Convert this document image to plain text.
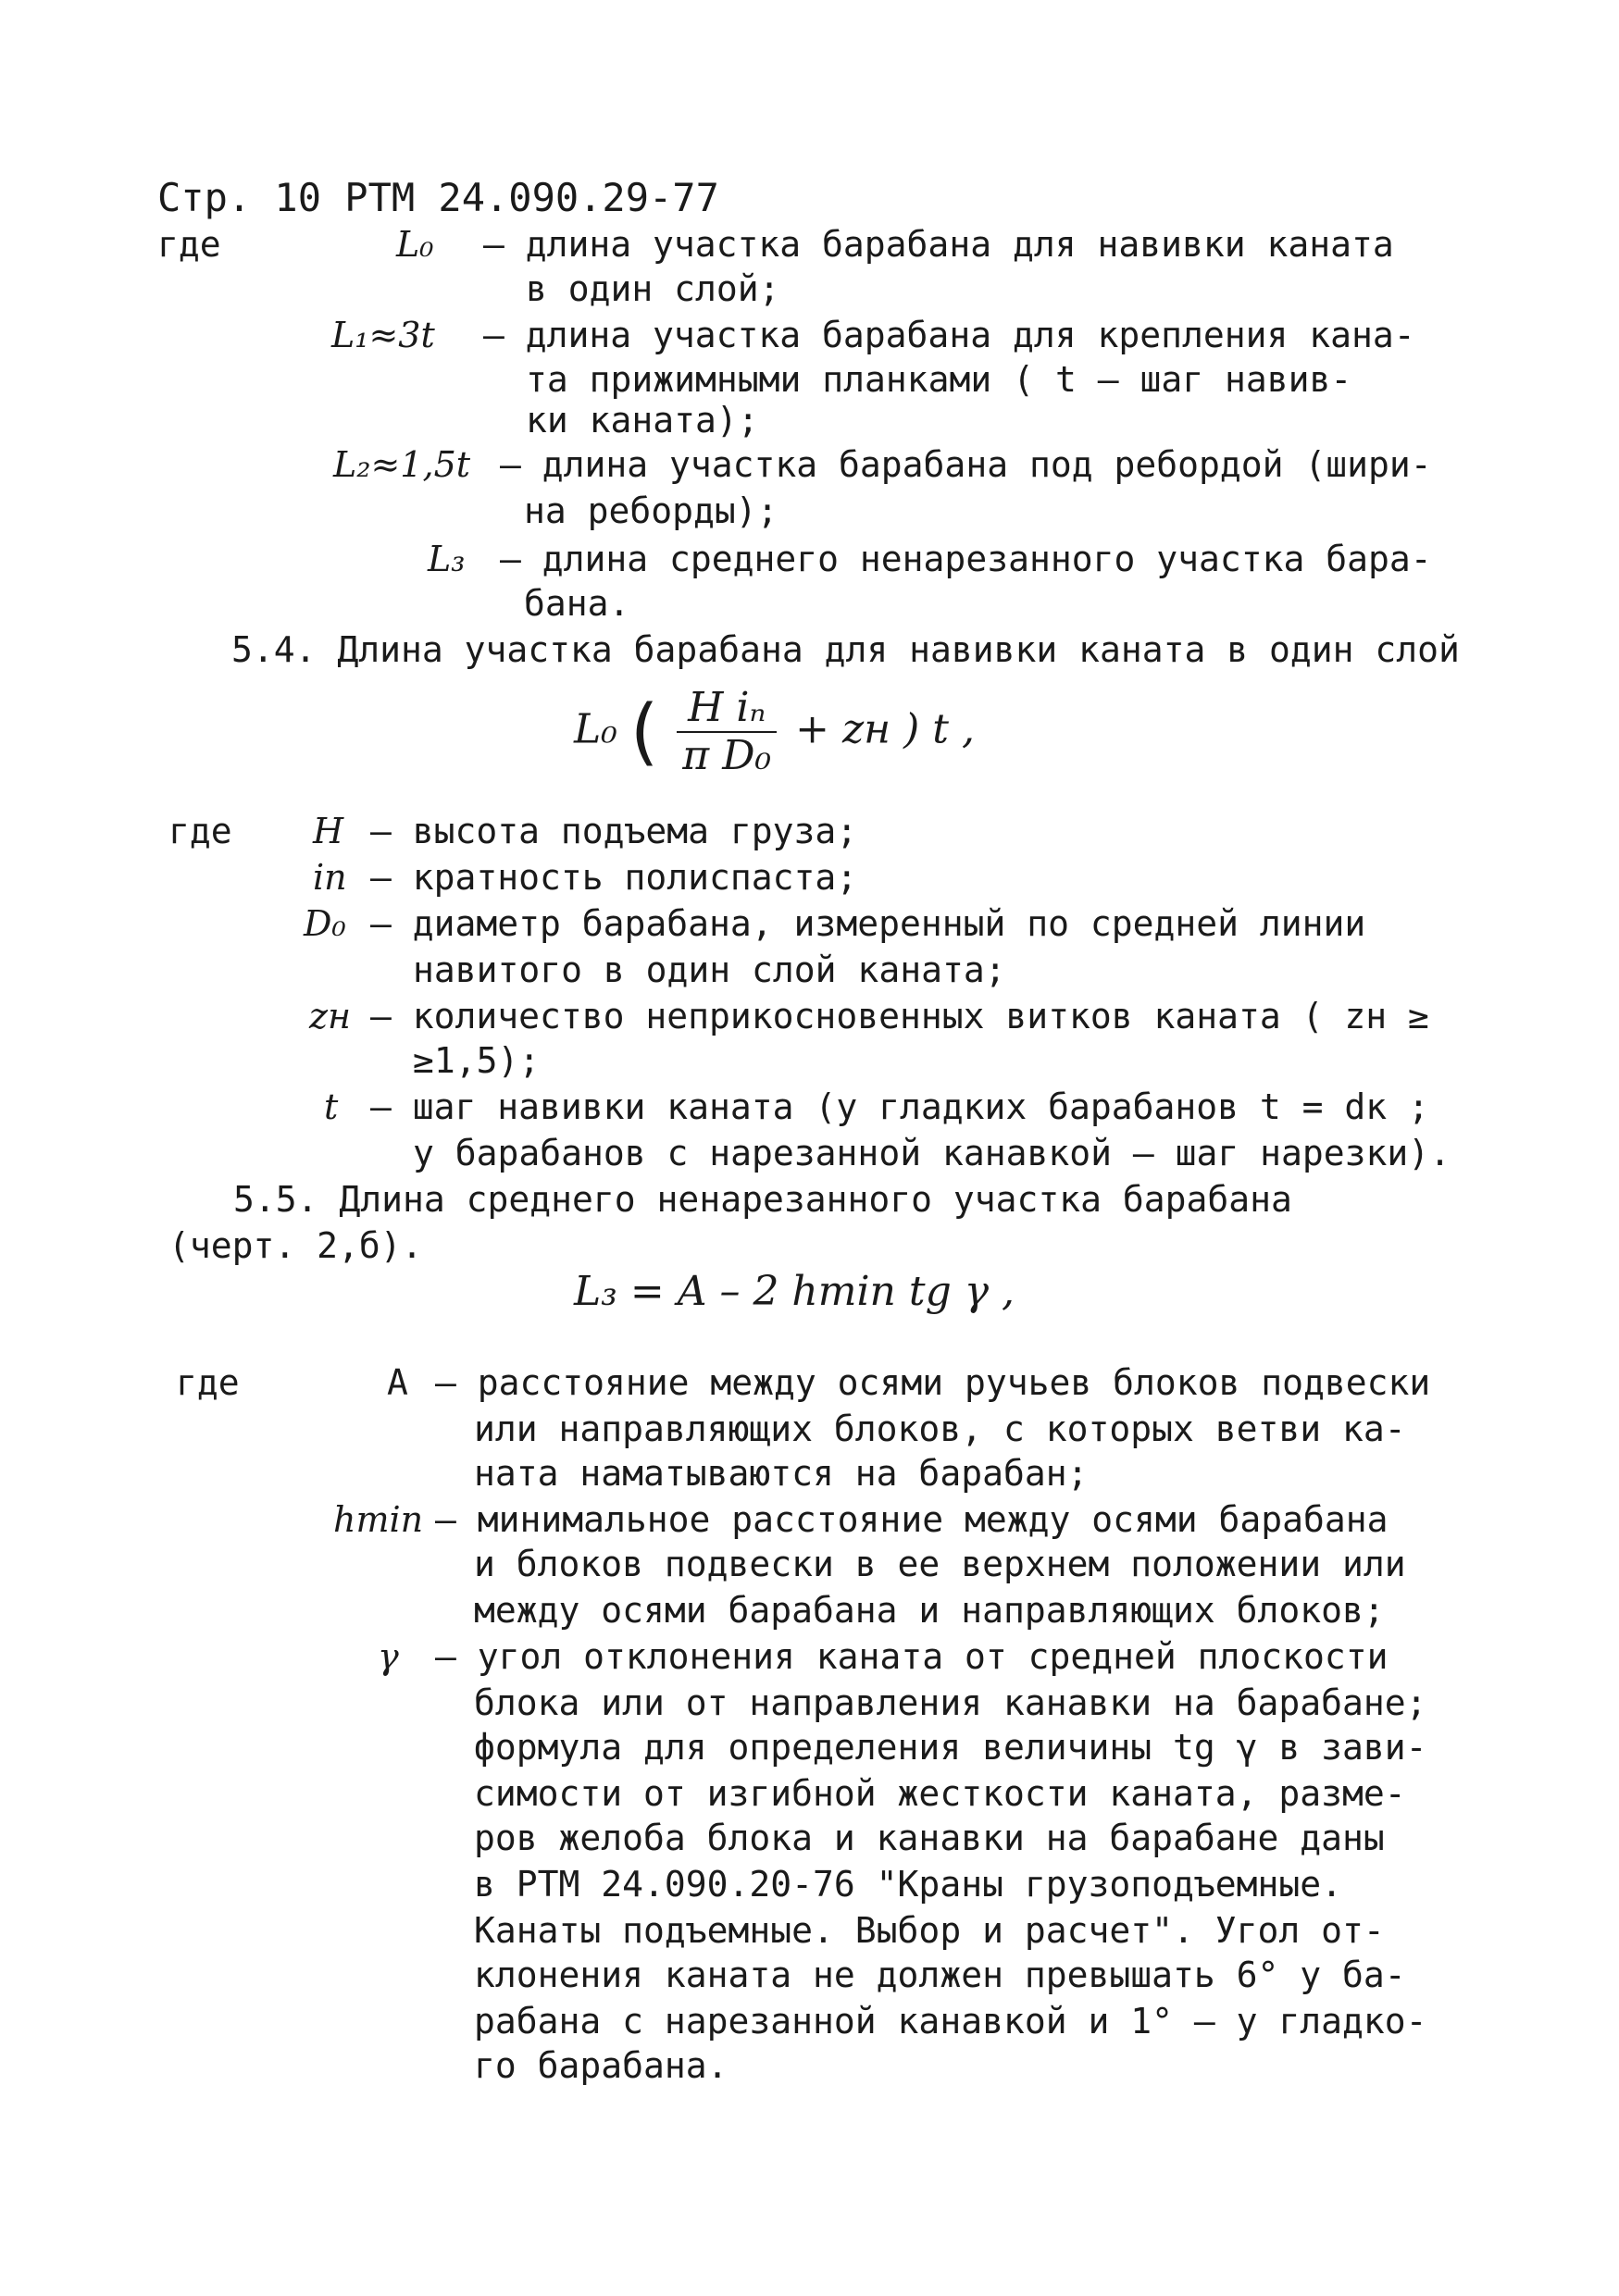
Стр. 10 РТМ 24.090.29-77
где	L₀ – длина участка барабана для навивки каната
в один слой;
L₁≈3t – длина участка барабана для крепления кана-
та прижимными планками ( t – шаг навив-
ки каната);
L₂≈1,5t – длина участка барабана под ребордой (шири-
на реборды);
L₃ – длина среднего ненарезанного участка бара-
бана.
5.4. Длина участка барабана для навивки каната в один слой
L₀ ( $\frac{\text{H iₙ}}{\text{π D₀}}$ + zн ) t ,
где H – высота подъема груза;
iп – кратность полиспаста;
D₀ – диаметр барабана, измеренный по средней линии
навитого в один слой каната;
zн – количество неприкосновенных витков каната ( zн ≥
≥1,5);
t – шаг навивки каната (у гладких барабанов t = dк ;
у барабанов с нарезанной канавкой – шаг нарезки).
5.5. Длина среднего ненарезанного участка барабана
(черт. 2,б).
L₃ = A – 2 hmin tg γ ,
где	A – расстояние между осями ручьев блоков подвески
или направляющих блоков, с которых ветви ка-
ната наматываются на барабан;
hmin – минимальное расстояние между осями барабана
и блоков подвески в ее верхнем положении или
между осями барабана и направляющих блоков;
γ – угол отклонения каната от средней плоскости
блока или от направления канавки на барабане;
формула для определения величины tg γ в зави-
симости от изгибной жесткости каната, разме-
ров желоба блока и канавки на барабане даны
в РТМ 24.090.20-76 "Краны грузоподъемные.
Канаты подъемные. Выбор и расчет". Угол от-
клонения каната не должен превышать 6° у ба-
рабана с нарезанной канавкой и 1° – у гладко-
го барабана.
